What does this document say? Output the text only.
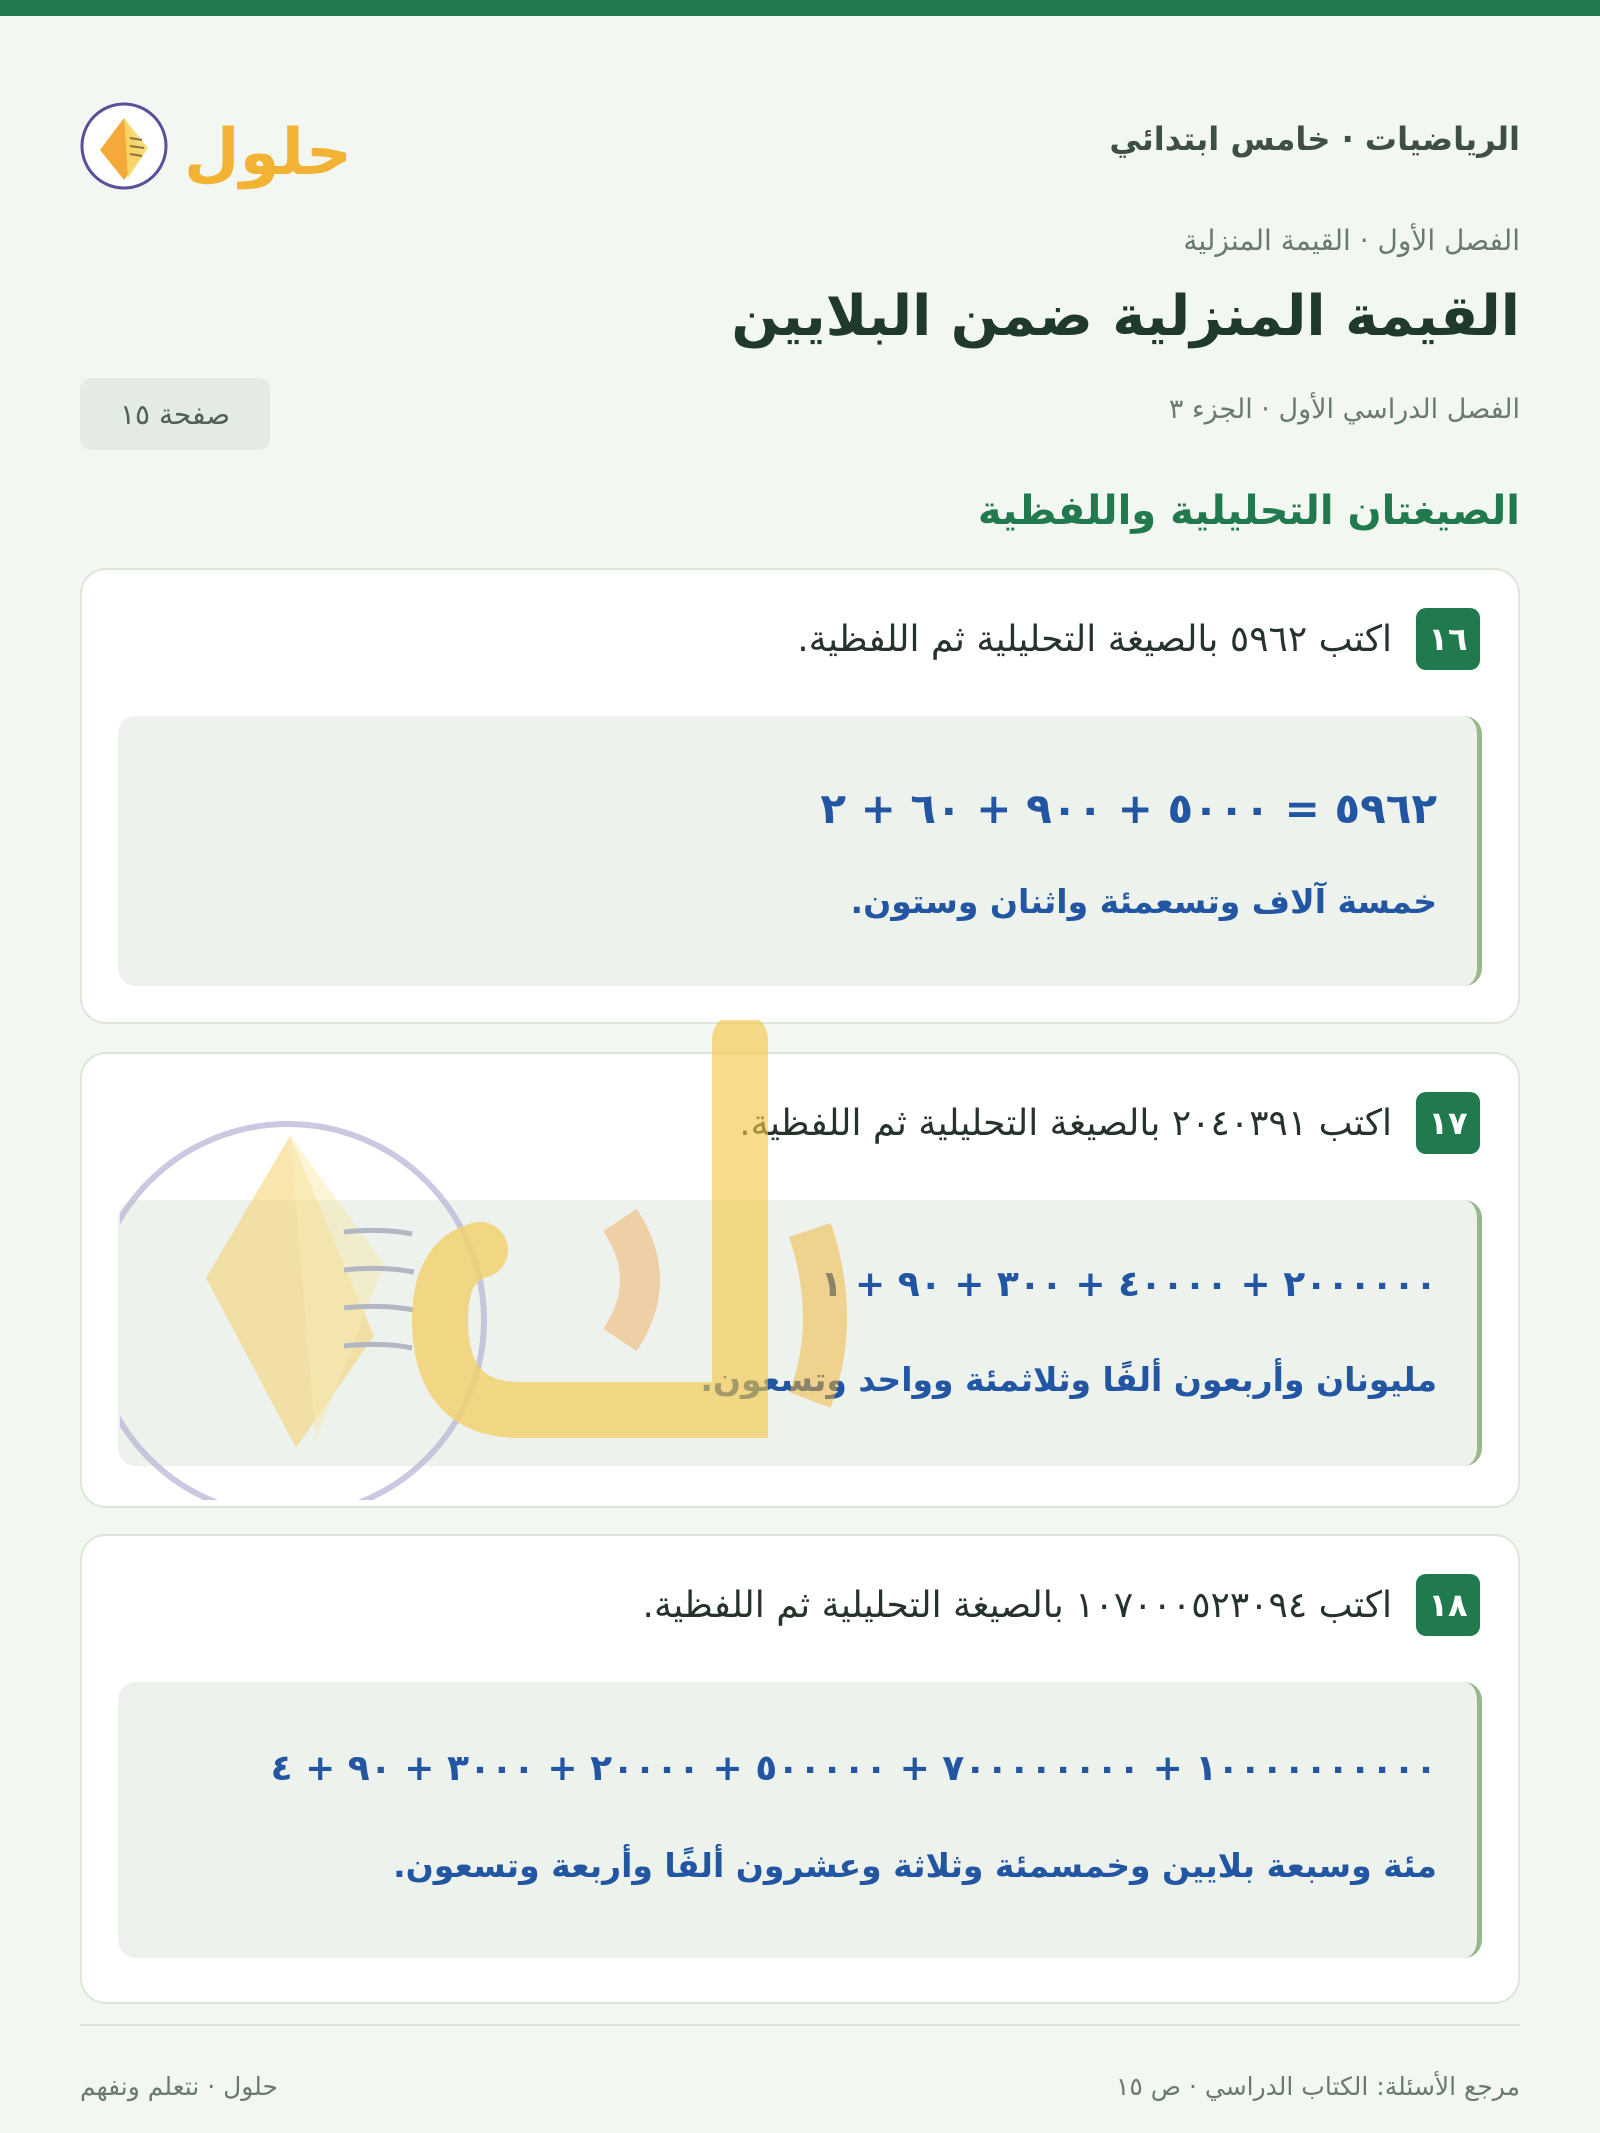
الرياضيات · خامس ابتدائي
حلول
الفصل الأول · القيمة المنزلية
القيمة المنزلية ضمن البلايين
الفصل الدراسي الأول · الجزء ٣
صفحة ١٥
الصيغتان التحليلية واللفظية
١٦
اكتب ٥٩٦٢ بالصيغة التحليلية ثم اللفظية.
٥٩٦٢ = ٥٠٠٠ + ٩٠٠ + ٦٠ + ٢
خمسة آلاف وتسعمئة واثنان وستون.
١٧
اكتب ٢٠٤٠٣٩١ بالصيغة التحليلية ثم اللفظية.
٢٠٠٠٠٠٠ + ٤٠٠٠٠ + ٣٠٠ + ٩٠ + ١
مليونان وأربعون ألفًا وثلاثمئة وواحد وتسعون.
١٨
اكتب ١٠٧٠٠٠٥٢٣٠٩٤ بالصيغة التحليلية ثم اللفظية.
١٠٠٠٠٠٠٠٠٠٠ + ٧٠٠٠٠٠٠٠٠ + ٥٠٠٠٠٠ + ٢٠٠٠٠ + ٣٠٠٠ + ٩٠ + ٤
مئة وسبعة بلايين وخمسمئة وثلاثة وعشرون ألفًا وأربعة وتسعون.
مرجع الأسئلة: الكتاب الدراسي · ص ١٥
حلول · نتعلم ونفهم
